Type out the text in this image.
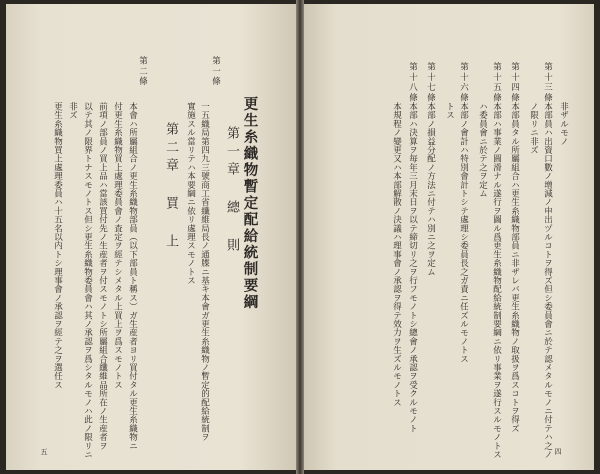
更生糸織物暫定配給統制要綱
第一章 總 則
第一條
一五織局第四九三號商工省纖維局長ノ通牒ニ基キ本會ガ更生糸織物ノ暫定的配給統制ヲ
實施スル當リテハ本要綱ニ依リ處理スモノトス
第二章 買 上
第二條
本會ハ所屬組合ノ更生糸織物部員（以下部員ト稱ス）ガ生産者ヨリ買付タル更生糸織物ニ
付更生糸織物買上處理委員會ノ査定ヲ經テシメタル上買上ヲ爲スモノトス
前項ノ部員ノ買上品ハ當該買付先ノ生産者ヲ付スモノトシ所屬組合纖維品所在ノ生産者ヲ
以テ其ノ限界トナスモノトス但シ更生糸織物委員會ハ其ノ承認ヲ爲シタルモノハ此ノ限リニ
非ズ
更生糸織物買上處理委員ハ十五名以内トシ理事會ノ承認ヲ經テ之ヲ選任ス
五
非ザルモノ
第十三條
本部員ハ出資口數ノ增減ノ申出ヅルコトヲ得ズ但シ委員會ニ於テ認メタルモノニ付テハ之ノ
ノ限リニ非ズ
第十四條
本部員タル所屬組合ハ更生糸織物部員ニ非ザレバ更生糸織物ノ取扱ヲ爲スコトヲ得ズ
第十五條
本部ハ事業ノ圓滑ナル遂行ヲ圖ル爲更生糸織物配給統制要綱ニ依リ事業ヲ遂行スルモノトス
ハ委員會ニ於テ之ヲ定ム
第十六條
本部ノ會計ハ特別會計トシテ處理シ委員長之ガ責ニ任ズルモノトス
トス
第十七條
本部ノ損益分配ノ方法ニ付テハ別ニ之ヲ定ム
第十八條
本部ハ決算ヲ毎年三月末日ヲ以テ締切リ之ヲ行フモノトシ總會ノ承認ヲ受クルモノト
本規程ノ變更又ハ本部解散ノ決議ハ理事會ノ承認ヲ得テ效力ヲ生ズルモノトス
四
